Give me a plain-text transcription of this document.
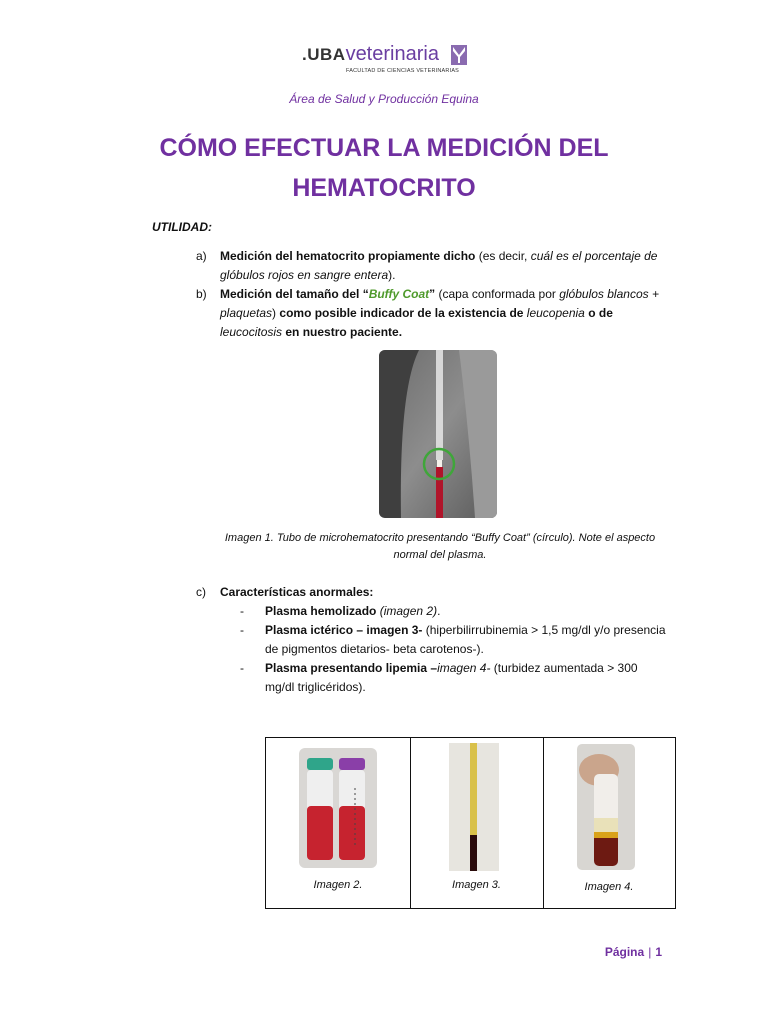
.UBAveterinaria
FACULTAD DE CIENCIAS VETERINARIAS
Área de Salud y Producción Equina
CÓMO EFECTUAR LA MEDICIÓN DEL
HEMATOCRITO
UTILIDAD:
a) Medición del hematocrito propiamente dicho (es decir, cuál es el porcentaje de glóbulos rojos en sangre entera).
b) Medición del tamaño del “Buffy Coat” (capa conformada por glóbulos blancos + plaquetas) como posible indicador de la existencia de leucopenia o de leucocitosis en nuestro paciente.
Imagen 1. Tubo de microhematocrito presentando “Buffy Coat” (círculo). Note el aspecto normal del plasma.
c) Características anormales:
- Plasma hemolizado (imagen 2).
- Plasma ictérico – imagen 3- (hiperbilirrubinemia > 1,5 mg/dl y/o presencia de pigmentos dietarios- beta carotenos-).
- Plasma presentando lipemia –imagen 4- (turbidez aumentada > 300 mg/dl triglicéridos).
Imagen 2.	Imagen 3.	Imagen 4.
Página | 1
